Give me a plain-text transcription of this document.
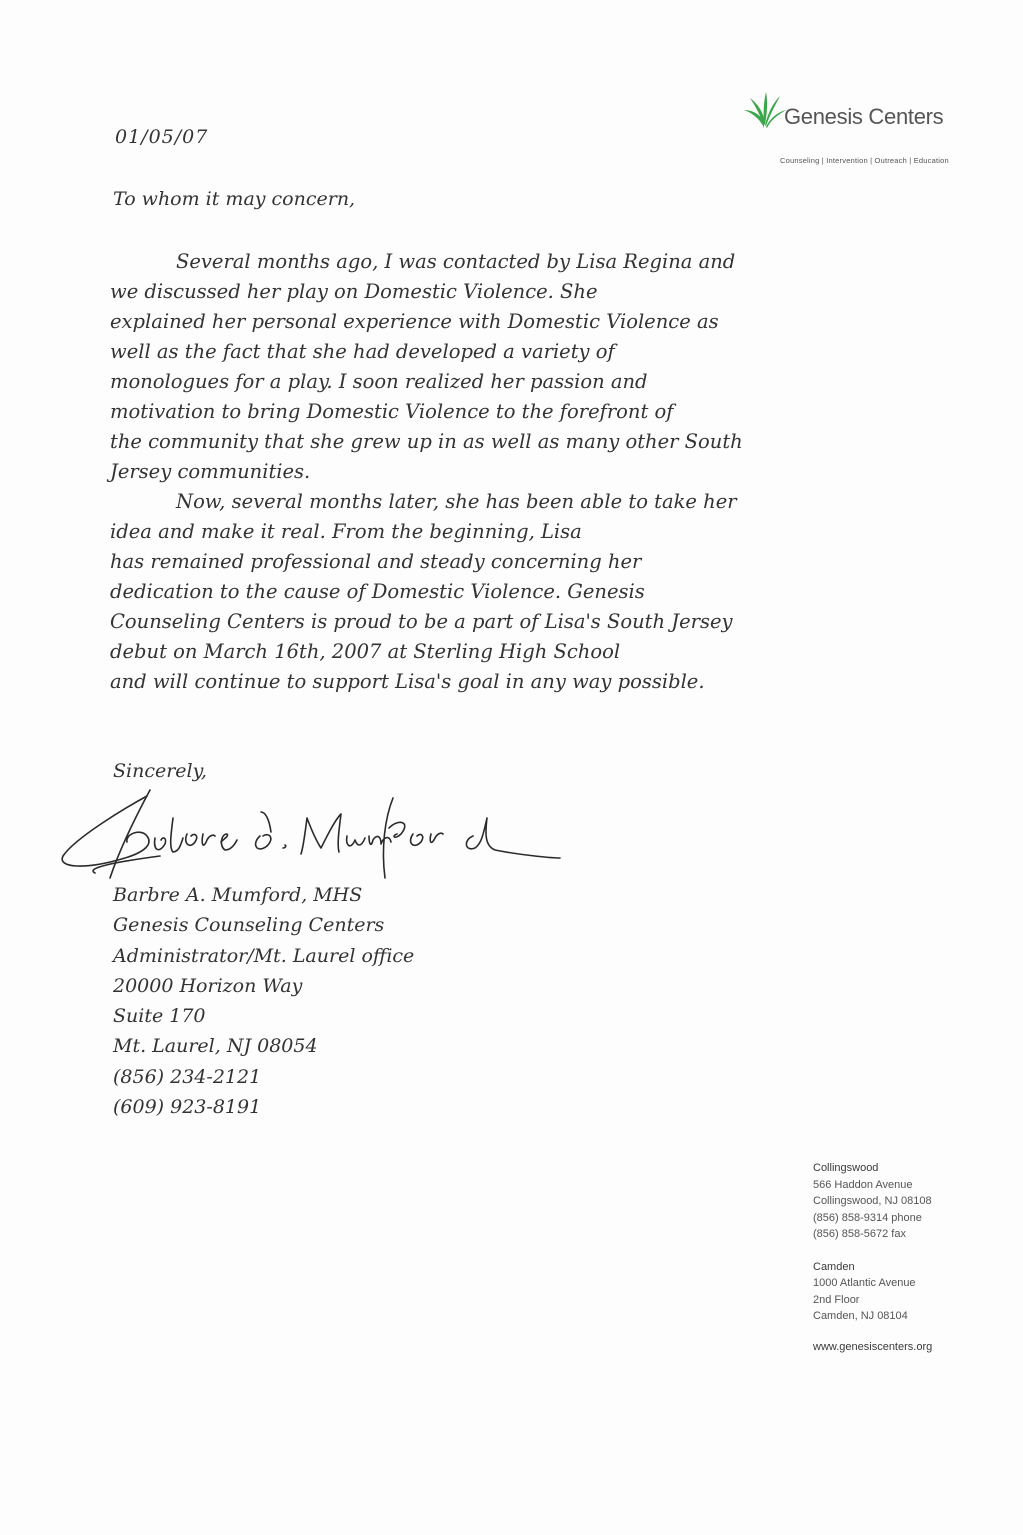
Genesis Centers
Counseling | Intervention | Outreach | Education
01/05/07
To whom it may concern,
Several months ago, I was contacted by Lisa Regina and
we discussed her play on Domestic Violence. She
explained her personal experience with Domestic Violence as
well as the fact that she had developed a variety of
monologues for a play. I soon realized her passion and
motivation to bring Domestic Violence to the forefront of
the community that she grew up in as well as many other South
Jersey communities.
Now, several months later, she has been able to take her
idea and make it real. From the beginning, Lisa
has remained professional and steady concerning her
dedication to the cause of Domestic Violence. Genesis
Counseling Centers is proud to be a part of Lisa's South Jersey
debut on March 16th, 2007 at Sterling High School
and will continue to support Lisa's goal in any way possible.
Sincerely,
Barbre A. Mumford, MHS
Genesis Counseling Centers
Administrator/Mt. Laurel office
20000 Horizon Way
Suite 170
Mt. Laurel, NJ 08054
(856) 234-2121
(609) 923-8191
Collingswood
566 Haddon Avenue
Collingswood, NJ 08108
(856) 858-9314 phone
(856) 858-5672 fax
Camden
1000 Atlantic Avenue
2nd Floor
Camden, NJ 08104
www.genesiscenters.org
